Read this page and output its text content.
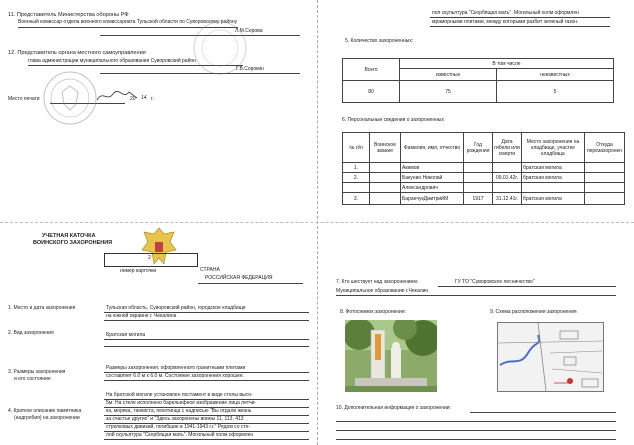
11. Представитель Министерства обороны РФ
Военный комиссар отдела военного комиссариата Тульской области по Суворовскому району
Л.М.Серова
12. Представитель органа местного самоуправления
глава администрации муниципального образования Суворовский район
Г.В.Сорокин
Место печати	20 14 г.
пол скульптура "Скорбящая мать". Могильный холм оформлен
мраморными плитами, между которыми разбит зеленый газон.
5. Количество захороненных:
Всего	В том числе	
	известных	неизвестных
80	75	5
6. Персональные сведения о захороненных
№ п/п	Воинское звание	Фамилия, имя, отчество	Год рождения	Дата гибели или смерти	Место захоронения на кладбище, участке кладбища	Откуда перезахоронен
1.		Акимов			братская могила	
2.		Бакунин Николай		09.01.42г.	братская могила	
		Александрович				
3.		БаранчукДмитрийМ	1917	31.12.41г.	братская могила	
УЧЕТНАЯ КАТОЧКА
ВОИНСКОГО ЗАХОРОНЕНИЯ
2
номер карточки	СТРАНА
РОССИЙСКАЯ ФЕДЕРАЦИЯ
1. Место и дата захоронения	Тульская область, Суворовский район, городское кладбище
на южной окраине г. Чекалина
2. Вид захоронения	Братская могила
3. Размеры захоронения
и его состояние
Размеры захоронения, оформленного гранитными плитами
составляет 6.0 м х 6.0 м. Состояние захоронения хорошее.
На братской могиле установлен постамент в виде стелы высо-
5м. На стеле исполнено барельефное изображение лица летчи-
4. Краткое описание памятника	ка, моряка, танкиста, пехотинца с надписью "Вы отдали жизнь
(надгробия) на захоронении	за счастье других" и "Здесь захоронены воины 11, 113, 413
стрелковых дивизий, погибшие в 1941-1943 г.г." Рядом со сте-
лой скульптура "Скорбящая мать". Могильный холм оформлен
7. Кто шествует над захоронением:	ГУ ТО "Суворовское лесничество"
Муниципальное образование г.Чекалин
8. Фотоснимок захоронения:	9. Схема расположения захоронения
10. Дополнительная информация о захоронении:
